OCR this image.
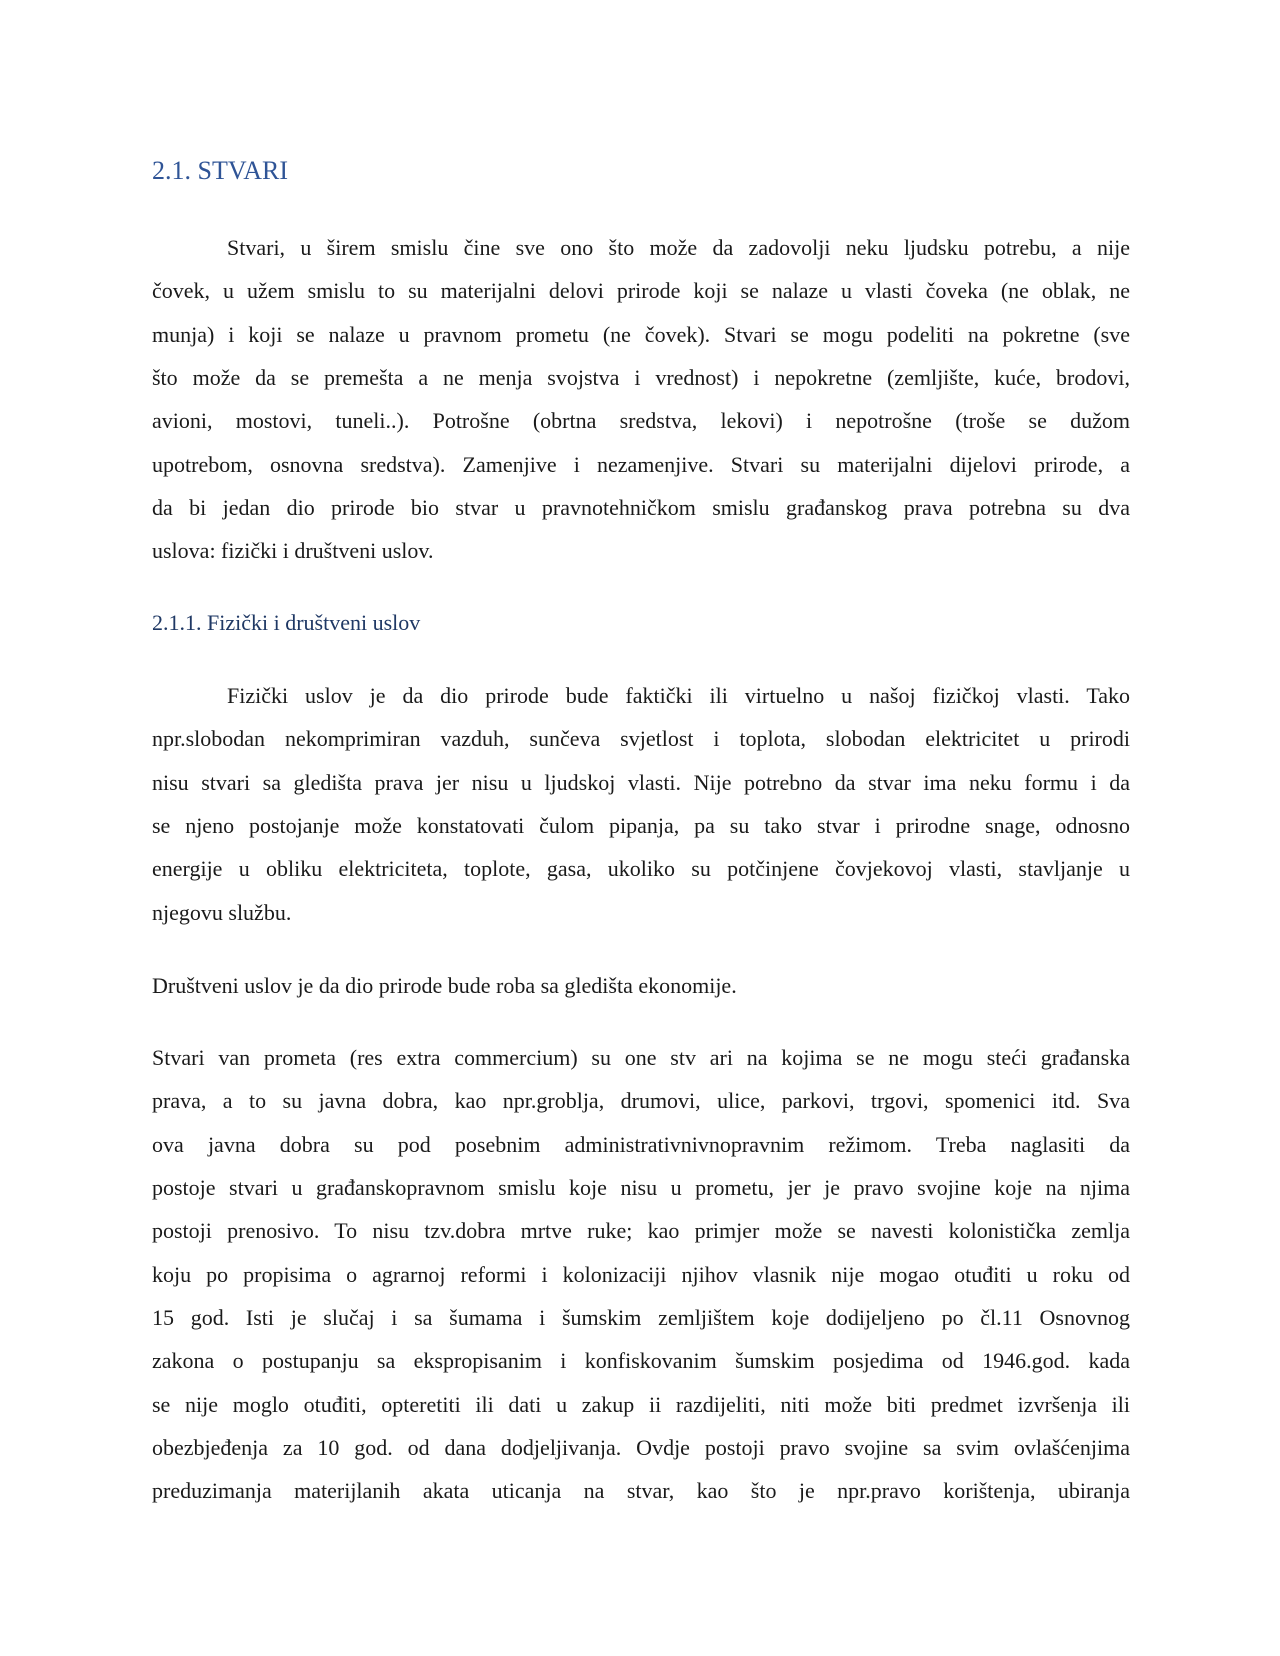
2.1. STVARI
Stvari, u širem smislu čine sve ono što može da zadovolji neku ljudsku potrebu, a nije
čovek, u užem smislu to su materijalni delovi prirode koji se nalaze u vlasti čoveka (ne oblak, ne
munja) i koji se nalaze u pravnom prometu (ne čovek). Stvari se mogu podeliti na pokretne (sve
što može da se premešta a ne menja svojstva i vrednost) i nepokretne (zemljište, kuće, brodovi,
avioni, mostovi, tuneli..). Potrošne (obrtna sredstva, lekovi) i nepotrošne (troše se dužom
upotrebom, osnovna sredstva). Zamenjive i nezamenjive. Stvari su materijalni dijelovi prirode, a
da bi jedan dio prirode bio stvar u pravnotehničkom smislu građanskog prava potrebna su dva
uslova: fizički i društveni uslov.
2.1.1. Fizički i društveni uslov
Fizički uslov je da dio prirode bude faktički ili virtuelno u našoj fizičkoj vlasti. Tako
npr.slobodan nekomprimiran vazduh, sunčeva svjetlost i toplota, slobodan elektricitet u prirodi
nisu stvari sa gledišta prava jer nisu u ljudskoj vlasti. Nije potrebno da stvar ima neku formu i da
se njeno postojanje može konstatovati čulom pipanja, pa su tako stvar i prirodne snage, odnosno
energije u obliku elektriciteta, toplote, gasa, ukoliko su potčinjene čovjekovoj vlasti, stavljanje u
njegovu službu.
Društveni uslov je da dio prirode bude roba sa gledišta ekonomije.
Stvari van prometa (res extra commercium) su one stv ari na kojima se ne mogu steći građanska
prava, a to su javna dobra, kao npr.groblja, drumovi, ulice, parkovi, trgovi, spomenici itd. Sva
ova javna dobra su pod posebnim administrativnivnopravnim režimom. Treba naglasiti da
postoje stvari u građanskopravnom smislu koje nisu u prometu, jer je pravo svojine koje na njima
postoji prenosivo. To nisu tzv.dobra mrtve ruke; kao primjer može se navesti kolonistička zemlja
koju po propisima o agrarnoj reformi i kolonizaciji njihov vlasnik nije mogao otuđiti u roku od
15 god. Isti je slučaj i sa šumama i šumskim zemljištem koje dodijeljeno po čl.11 Osnovnog
zakona o postupanju sa ekspropisanim i konfiskovanim šumskim posjedima od 1946.god. kada
se nije moglo otuđiti, opteretiti ili dati u zakup ii razdijeliti, niti može biti predmet izvršenja ili
obezbjeđenja za 10 god. od dana dodjeljivanja. Ovdje postoji pravo svojine sa svim ovlašćenjima
preduzimanja materijlanih akata uticanja na stvar, kao što je npr.pravo korištenja, ubiranja
